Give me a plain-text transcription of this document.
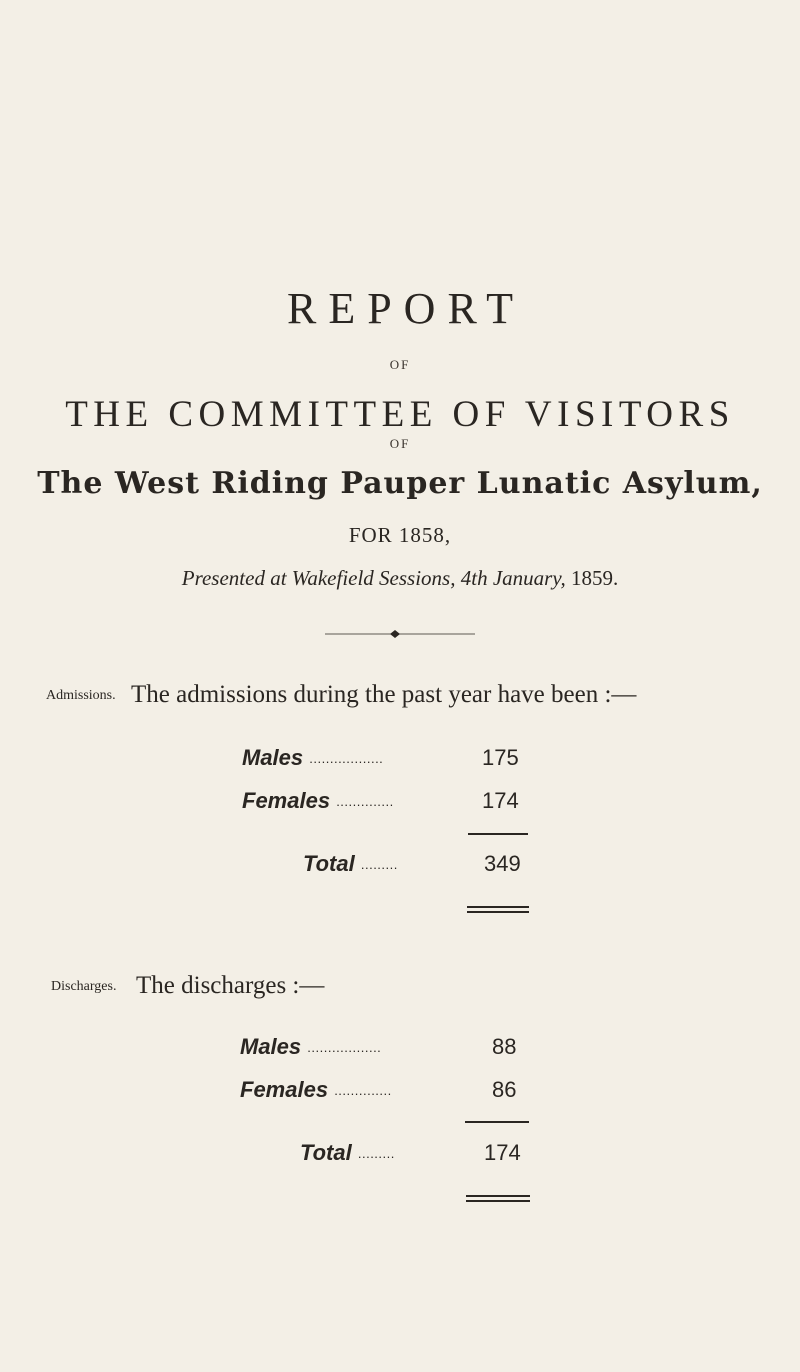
REPORT
OF
THE COMMITTEE OF VISITORS
OF
The West Riding Pauper Lunatic Asylum,
FOR 1858,
Presented at Wakefield Sessions, 4th January, 1859.
Admissions. The admissions during the past year have been :—
Males ..................	175
Females ..............	174
Total .........	349
Discharges. The discharges :—
Males ..................	88
Females ..............	86
Total .........	174
